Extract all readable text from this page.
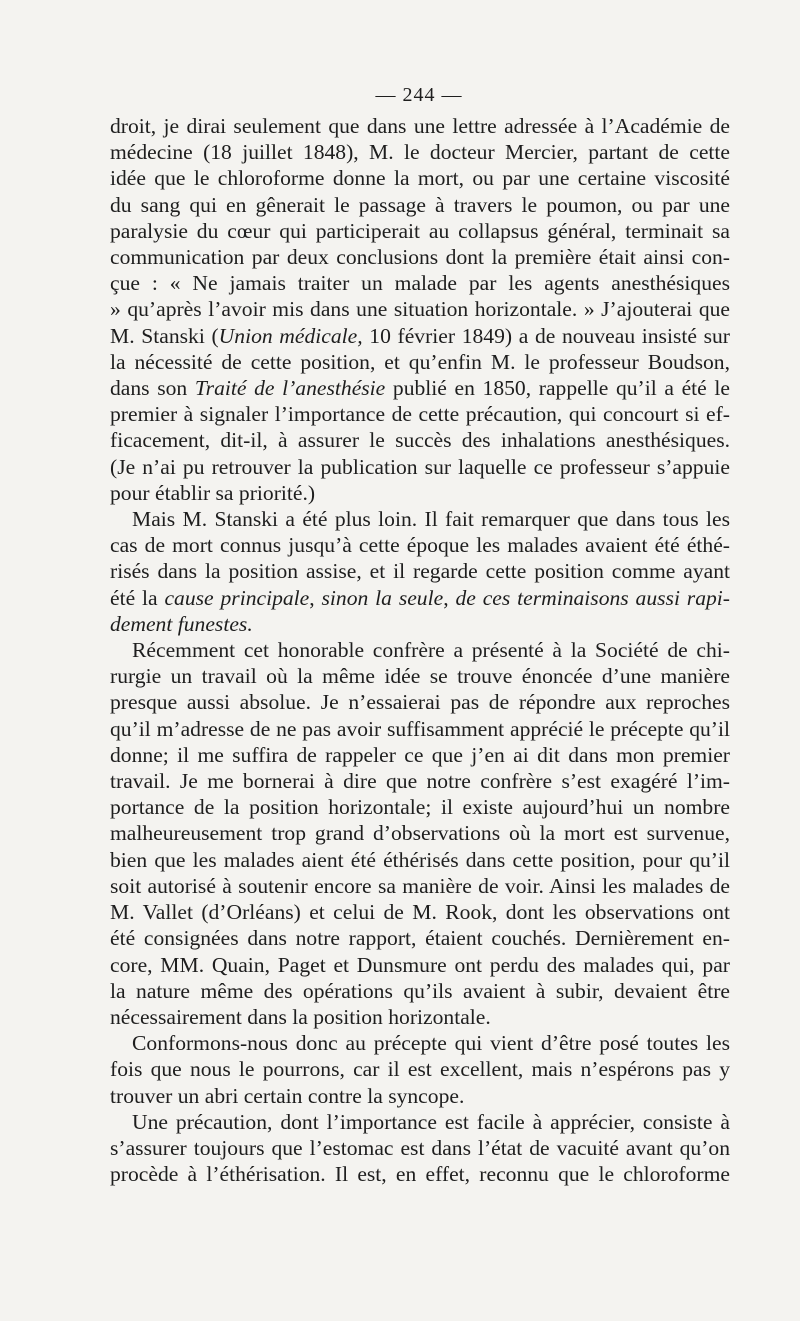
— 244 —

droit, je dirai seulement que dans une lettre adressée à l’Académie de
médecine (18 juillet 1848), M. le docteur Mercier, partant de cette
idée que le chloroforme donne la mort, ou par une certaine viscosité
du sang qui en gênerait le passage à travers le poumon, ou par une
paralysie du cœur qui participerait au collapsus général, terminait sa
communication par deux conclusions dont la première était ainsi con-
çue : « Ne jamais traiter un malade par les agents anesthésiques
» qu’après l’avoir mis dans une situation horizontale. » J’ajouterai que
M. Stanski (Union médicale, 10 février 1849) a de nouveau insisté sur
la nécessité de cette position, et qu’enfin M. le professeur Boudson,
dans son Traité de l’anesthésie publié en 1850, rappelle qu’il a été le
premier à signaler l’importance de cette précaution, qui concourt si ef-
ficacement, dit-il, à assurer le succès des inhalations anesthésiques.
(Je n’ai pu retrouver la publication sur laquelle ce professeur s’appuie
pour établir sa priorité.)

Mais M. Stanski a été plus loin. Il fait remarquer que dans tous les
cas de mort connus jusqu’à cette époque les malades avaient été éthé-
risés dans la position assise, et il regarde cette position comme ayant
été la cause principale, sinon la seule, de ces terminaisons aussi rapi-
dement funestes.

Récemment cet honorable confrère a présenté à la Société de chi-
rurgie un travail où la même idée se trouve énoncée d’une manière
presque aussi absolue. Je n’essaierai pas de répondre aux reproches
qu’il m’adresse de ne pas avoir suffisamment apprécié le précepte qu’il
donne; il me suffira de rappeler ce que j’en ai dit dans mon premier
travail. Je me bornerai à dire que notre confrère s’est exagéré l’im-
portance de la position horizontale; il existe aujourd’hui un nombre
malheureusement trop grand d’observations où la mort est survenue,
bien que les malades aient été éthérisés dans cette position, pour qu’il
soit autorisé à soutenir encore sa manière de voir. Ainsi les malades de
M. Vallet (d’Orléans) et celui de M. Rook, dont les observations ont
été consignées dans notre rapport, étaient couchés. Dernièrement en-
core, MM. Quain, Paget et Dunsmure ont perdu des malades qui, par
la nature même des opérations qu’ils avaient à subir, devaient être
nécessairement dans la position horizontale.

Conformons-nous donc au précepte qui vient d’être posé toutes les
fois que nous le pourrons, car il est excellent, mais n’espérons pas y
trouver un abri certain contre la syncope.

Une précaution, dont l’importance est facile à apprécier, consiste à
s’assurer toujours que l’estomac est dans l’état de vacuité avant qu’on
procède à l’éthérisation. Il est, en effet, reconnu que le chloroforme
